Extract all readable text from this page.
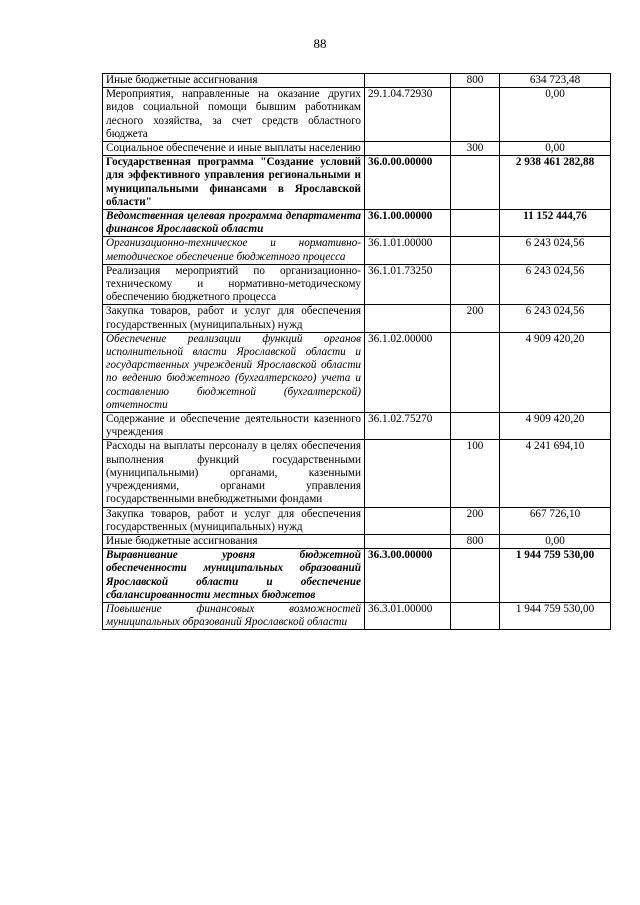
88
Иные бюджетные ассигнования		800	634 723,48
Мероприятия, направленные на оказание других видов социальной помощи бывшим работникам лесного хозяйства, за счет средств областного бюджета	29.1.04.72930		0,00
Социальное обеспечение и иные выплаты населению		300	0,00
Государственная программа "Создание условий для эффективного управления региональными и муниципальными финансами в Ярославской области"	36.0.00.00000		2 938 461 282,88
Ведомственная целевая программа департамента финансов Ярославской области	36.1.00.00000		11 152 444,76
Организационно-техническое и нормативно-методическое обеспечение бюджетного процесса	36.1.01.00000		6 243 024,56
Реализация мероприятий по организационно-техническому и нормативно-методическому обеспечению бюджетного процесса	36.1.01.73250		6 243 024,56
Закупка товаров, работ и услуг для обеспечения государственных (муниципальных) нужд		200	6 243 024,56
Обеспечение реализации функций органов исполнительной власти Ярославской области и государственных учреждений Ярославской области по ведению бюджетного (бухгалтерского) учета и составлению бюджетной (бухгалтерской) отчетности	36.1.02.00000		4 909 420,20
Содержание и обеспечение деятельности казенного учреждения	36.1.02.75270		4 909 420,20
Расходы на выплаты персоналу в целях обеспечения выполнения функций государственными (муниципальными) органами, казенными учреждениями, органами управления государственными внебюджетными фондами		100	4 241 694,10
Закупка товаров, работ и услуг для обеспечения государственных (муниципальных) нужд		200	667 726,10
Иные бюджетные ассигнования		800	0,00
Выравнивание уровня бюджетной обеспеченности муниципальных образований Ярославской области и обеспечение сбалансированности местных бюджетов	36.3.00.00000		1 944 759 530,00
Повышение финансовых возможностей муниципальных образований Ярославской области	36.3.01.00000		1 944 759 530,00
